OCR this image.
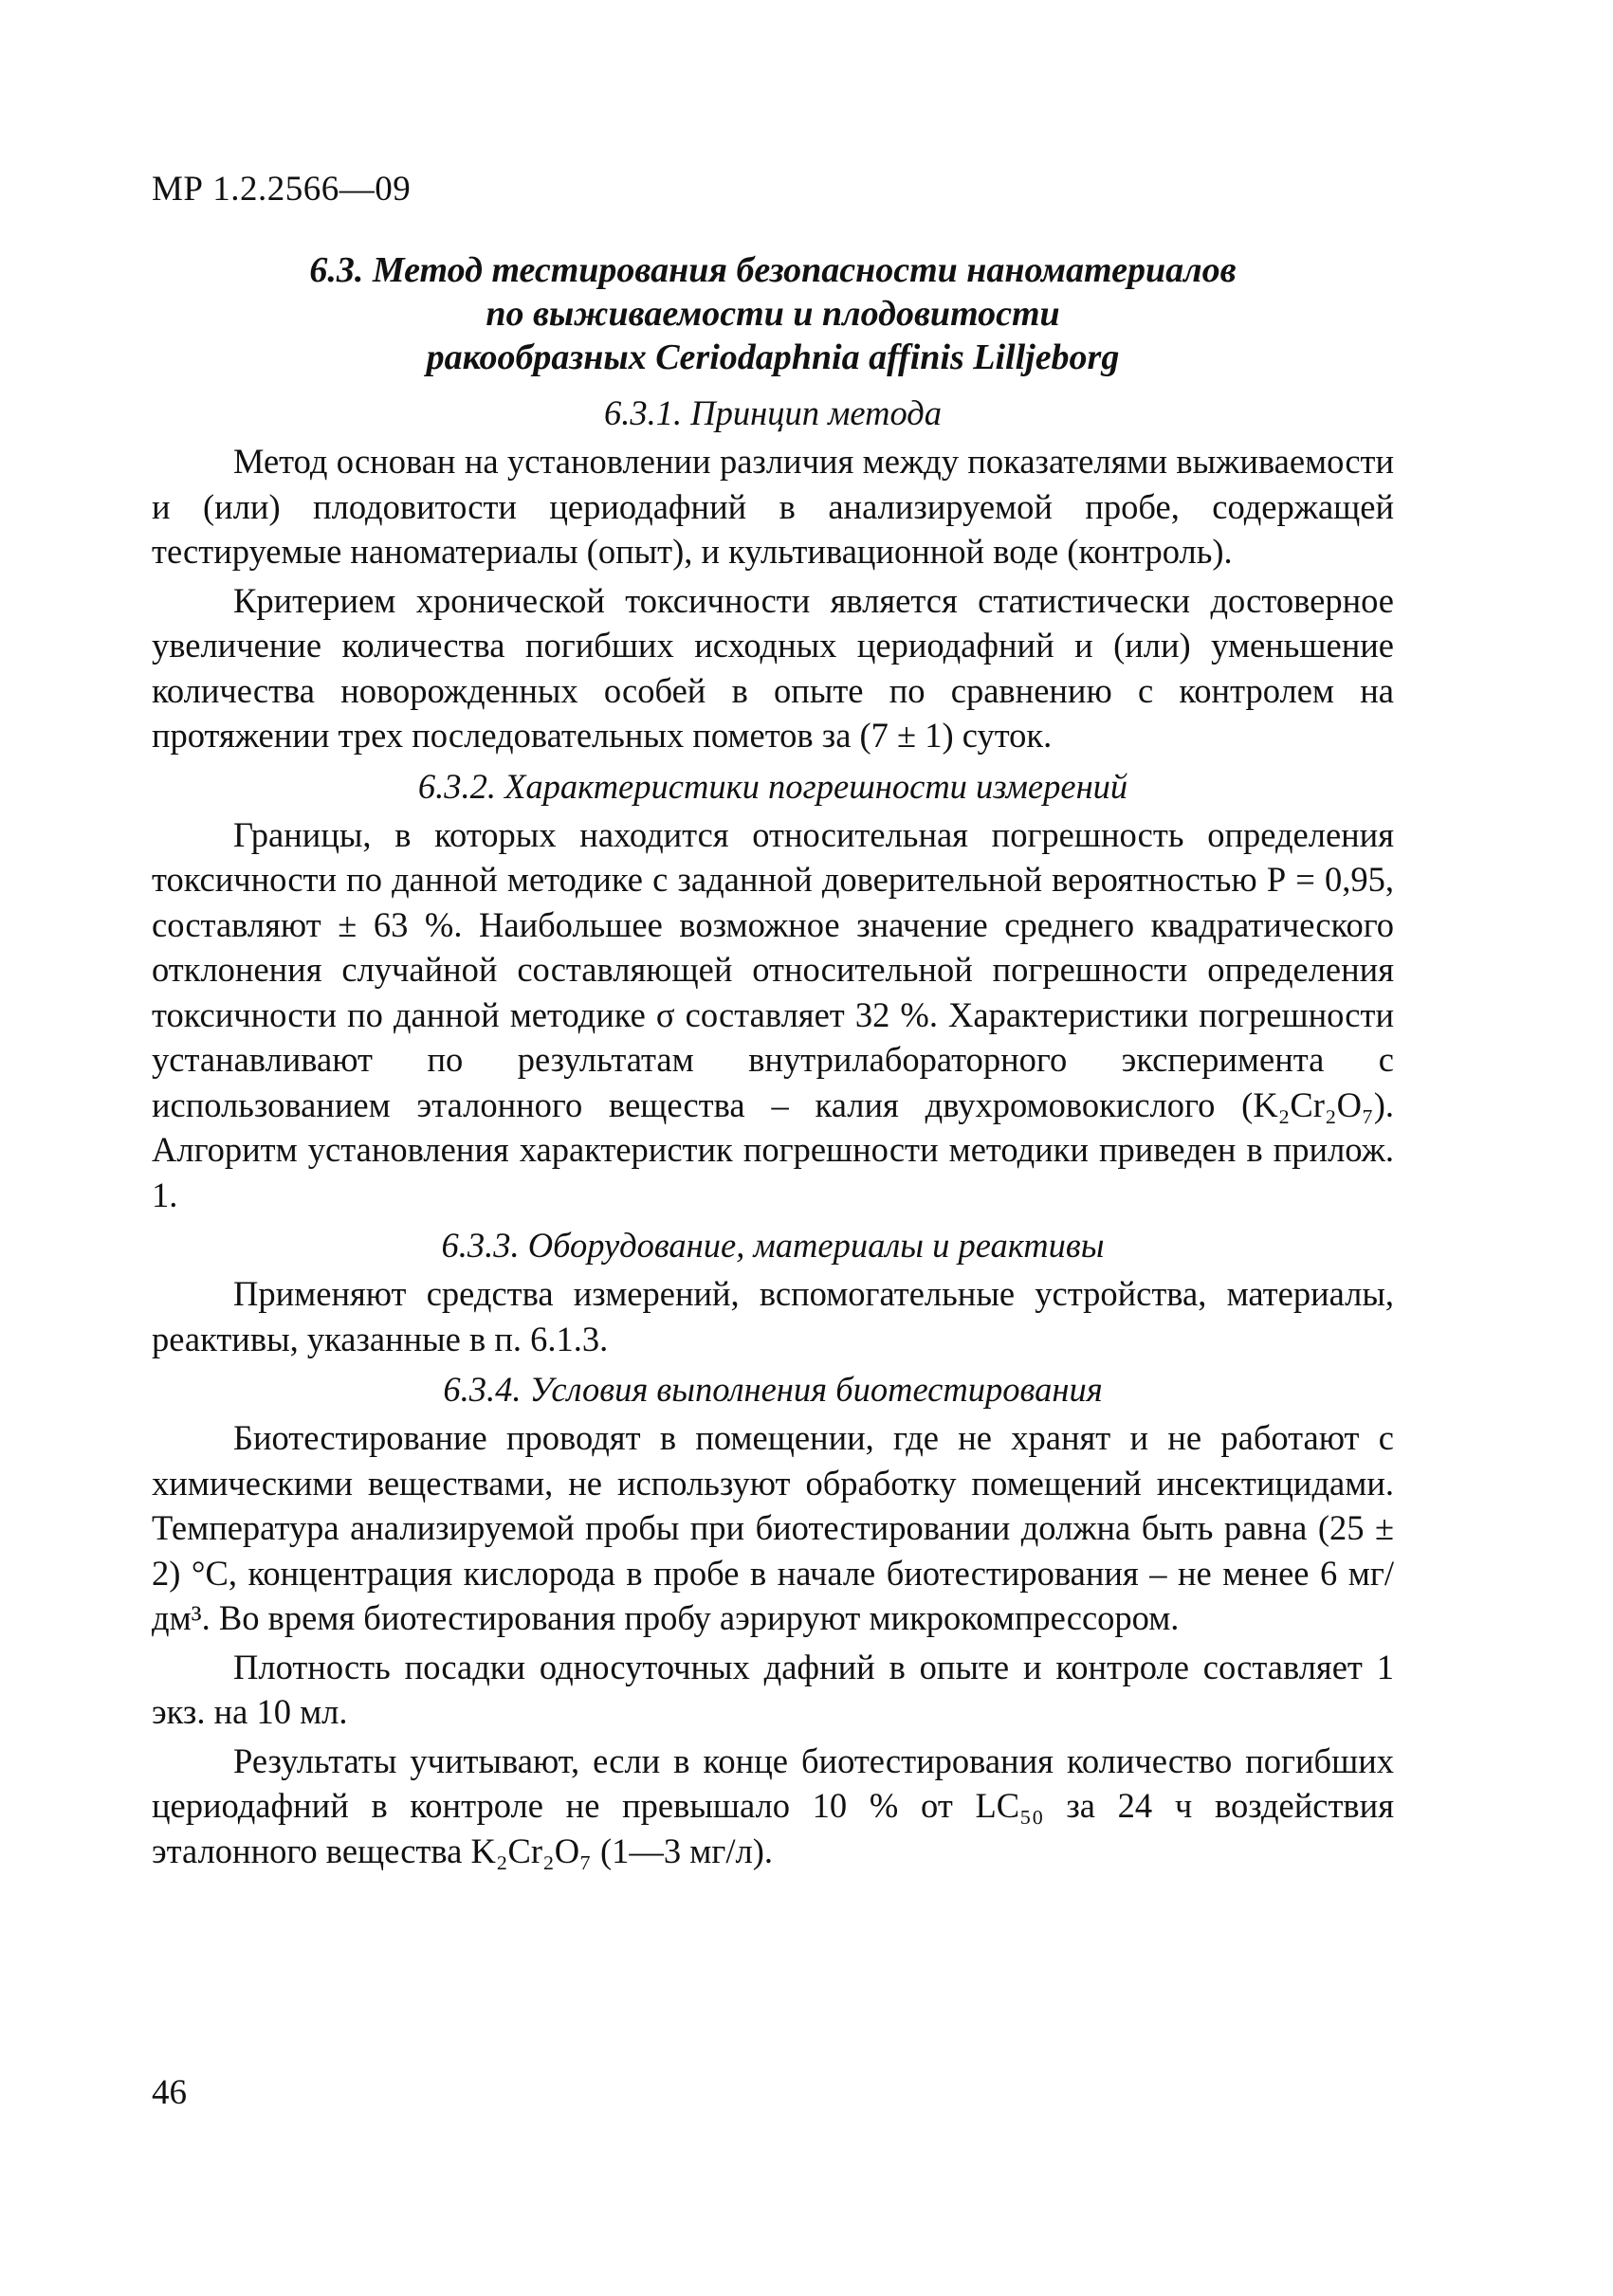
МР 1.2.2566—09
6.3. Метод тестирования безопасности наноматериалов
по выживаемости и плодовитости
ракообразных Ceriodaphnia affinis Lilljeborg
6.3.1. Принцип метода

Метод основан на установлении различия между показателями выживаемости и (или) плодовитости цериодафний в анализируемой пробе, содержащей тестируемые наноматериалы (опыт), и культивационной воде (контроль).

Критерием хронической токсичности является статистически достоверное увеличение количества погибших исходных цериодафний и (или) уменьшение количества новорожденных особей в опыте по сравнению с контролем на протяжении трех последовательных пометов за (7 ± 1) суток.

6.3.2. Характеристики погрешности измерений

Границы, в которых находится относительная погрешность определения токсичности по данной методике с заданной доверительной вероятностью Р = 0,95, составляют ± 63 %. Наибольшее возможное значение среднего квадратического отклонения случайной составляющей относительной погрешности определения токсичности по данной методике σ составляет 32 %. Характеристики погрешности устанавливают по результатам внутрилабораторного эксперимента с использованием эталонного вещества – калия двухромовокислого (K₂Cr₂O₇). Алгоритм установления характеристик погрешности методики приведен в прилож. 1.

6.3.3. Оборудование, материалы и реактивы

Применяют средства измерений, вспомогательные устройства, материалы, реактивы, указанные в п. 6.1.3.

6.3.4. Условия выполнения биотестирования

Биотестирование проводят в помещении, где не хранят и не работают с химическими веществами, не используют обработку помещений инсектицидами. Температура анализируемой пробы при биотестировании должна быть равна (25 ± 2) °С, концентрация кислорода в пробе в начале биотестирования – не менее 6 мг/дм³. Во время биотестирования пробу аэрируют микрокомпрессором.

Плотность посадки односуточных дафний в опыте и контроле составляет 1 экз. на 10 мл.

Результаты учитывают, если в конце биотестирования количество погибших цериодафний в контроле не превышало 10 % от LC₅₀ за 24 ч воздействия эталонного вещества K₂Cr₂O₇ (1—3 мг/л).

46
